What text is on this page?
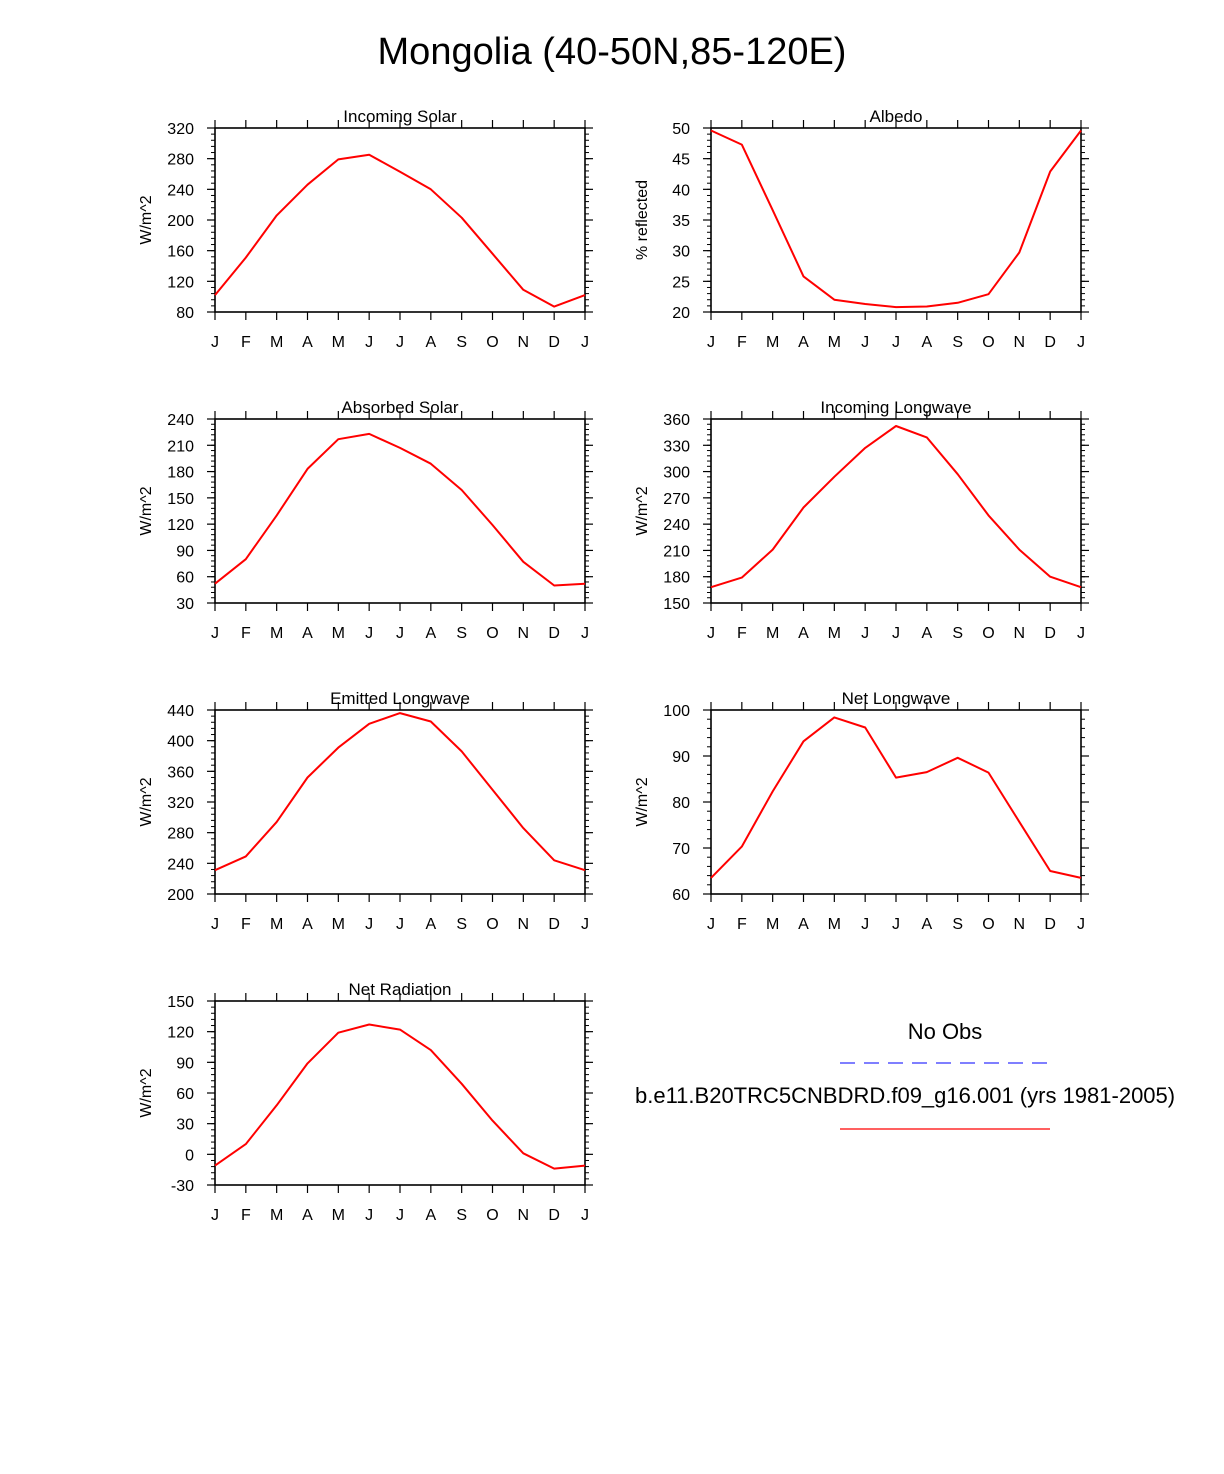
Mongolia (40-50N,85-120E)
Incoming Solar
W/m^2
J F M A M J J A S O N D J
80
120
160
200
240
280
320
Albedo
% reflected
J F M A M J J A S O N D J
20
25
30
35
40
45
50
Absorbed Solar
W/m^2
J F M A M J J A S O N D J
30
60
90
120
150
180
210
240
Incoming Longwave
W/m^2
J F M A M J J A S O N D J
150
180
210
240
270
300
330
360
Emitted Longwave
W/m^2
J F M A M J J A S O N D J
200
240
280
320
360
400
440
Net Longwave
W/m^2
J F M A M J J A S O N D J
60
70
80
90
100
Net Radiation
W/m^2
J F M A M J J A S O N D J
-30
0
30
60
90
120
150
No Obs
b.e11.B20TRC5CNBDRD.f09_g16.001 (yrs 1981-2005)
